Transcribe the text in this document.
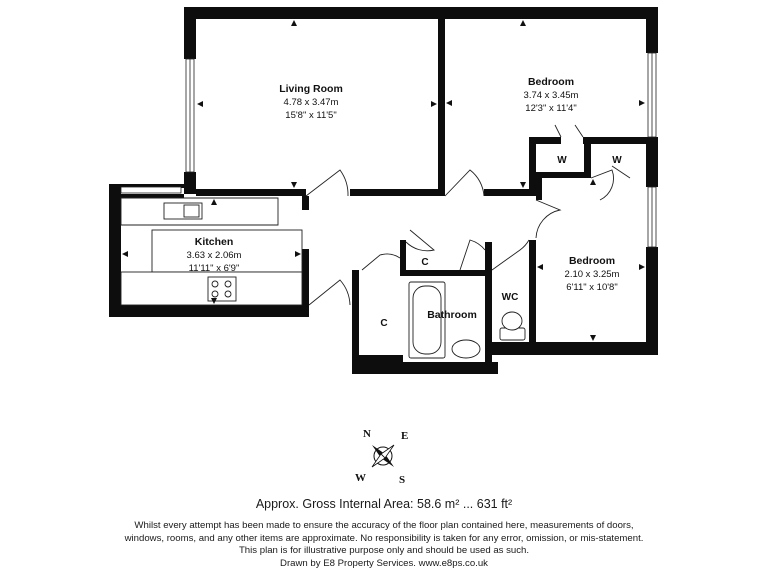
Living Room
4.78 x 3.47m
15'8" x 11'5"
Bedroom
3.74 x 3.45m
12'3" x 11'4"
Kitchen
3.63 x 2.06m
11'11" x 6'9"
Bedroom
2.10 x 3.25m
6'11" x 10'8"
Bathroom
WC
W	W
C
C
N	E
W	S
Approx. Gross Internal Area: 58.6 m² ... 631 ft²
Whilst every attempt has been made to ensure the accuracy of the floor plan contained here, measurements of doors,
windows, rooms, and any other items are approximate. No responsibility is taken for any error, omission, or mis-statement.
This plan is for illustrative purpose only and should be used as such.
Drawn by E8 Property Services. www.e8ps.co.uk
